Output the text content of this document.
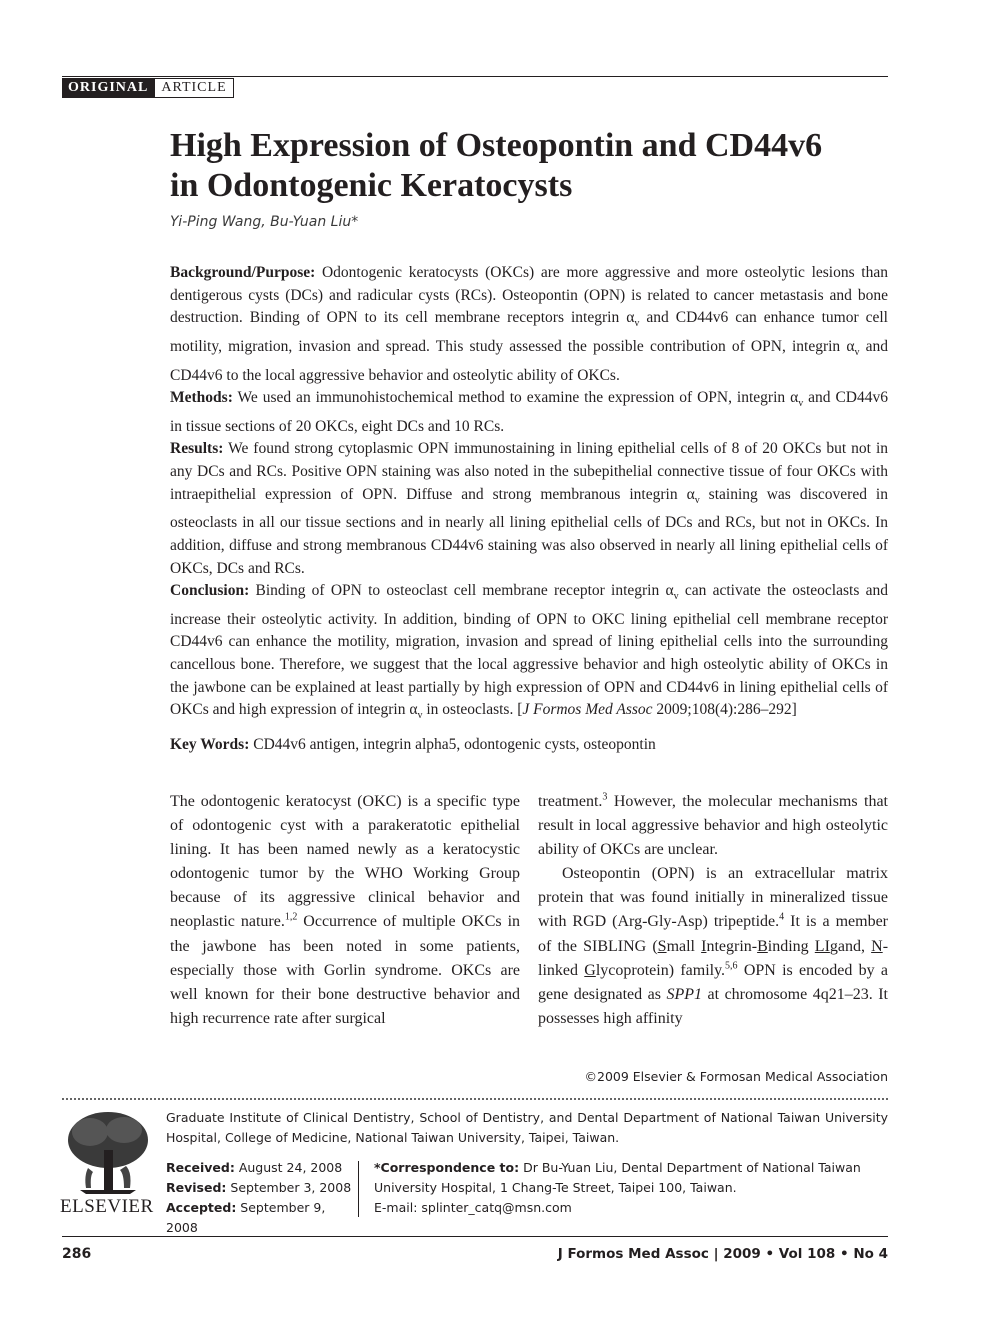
ORIGINAL ARTICLE
High Expression of Osteopontin and CD44v6
in Odontogenic Keratocysts
Yi-Ping Wang, Bu-Yuan Liu*

Background/Purpose: Odontogenic keratocysts (OKCs) are more aggressive and more osteolytic lesions than dentigerous cysts (DCs) and radicular cysts (RCs). Osteopontin (OPN) is related to cancer metastasis and bone destruction. Binding of OPN to its cell membrane receptors integrin $\alpha_v$ and CD44v6 can enhance tumor cell motility, migration, invasion and spread. This study assessed the possible contribution of OPN, integrin $\alpha_v$ and CD44v6 to the local aggressive behavior and osteolytic ability of OKCs.

Methods: We used an immunohistochemical method to examine the expression of OPN, integrin $\alpha_v$ and CD44v6 in tissue sections of 20 OKCs, eight DCs and 10 RCs.

Results: We found strong cytoplasmic OPN immunostaining in lining epithelial cells of 8 of 20 OKCs but not in any DCs and RCs. Positive OPN staining was also noted in the subepithelial connective tissue of four OKCs with intraepithelial expression of OPN. Diffuse and strong membranous integrin $\alpha_v$ staining was discovered in osteoclasts in all our tissue sections and in nearly all lining epithelial cells of DCs and RCs, but not in OKCs. In addition, diffuse and strong membranous CD44v6 staining was also observed in nearly all lining epithelial cells of OKCs, DCs and RCs.

Conclusion: Binding of OPN to osteoclast cell membrane receptor integrin $\alpha_v$ can activate the osteoclasts and increase their osteolytic activity. In addition, binding of OPN to OKC lining epithelial cell membrane receptor CD44v6 can enhance the motility, migration, invasion and spread of lining epithelial cells into the surrounding cancellous bone. Therefore, we suggest that the local aggressive behavior and high osteolytic ability of OKCs in the jawbone can be explained at least partially by high expression of OPN and CD44v6 in lining epithelial cells of OKCs and high expression of integrin $\alpha_v$ in osteoclasts. [J Formos Med Assoc 2009;108(4):286–292]

Key Words: CD44v6 antigen, integrin alpha5, odontogenic cysts, osteopontin

The odontogenic keratocyst (OKC) is a specific type of odontogenic cyst with a parakeratotic epithelial lining. It has been named newly as a keratocystic odontogenic tumor by the WHO Working Group because of its aggressive clinical behavior and neoplastic nature.$^{1,2}$ Occurrence of multiple OKCs in the jawbone has been noted in some patients, especially those with Gorlin syndrome. OKCs are well known for their bone destructive behavior and high recurrence rate after surgical

treatment.$^3$ However, the molecular mechanisms that result in local aggressive behavior and high osteolytic ability of OKCs are unclear.

Osteopontin (OPN) is an extracellular matrix protein that was found initially in mineralized tissue with RGD (Arg-Gly-Asp) tripeptide.$^4$ It is a member of the SIBLING (Small Integrin-Binding LIgand, N-linked Glycoprotein) family.$^{5,6}$ OPN is encoded by a gene designated as SPP1 at chromosome 4q21–23. It possesses high affinity

©2009 Elsevier & Formosan Medical Association
ELSEVIER
Graduate Institute of Clinical Dentistry, School of Dentistry, and Dental Department of National Taiwan University Hospital, College of Medicine, National Taiwan University, Taipei, Taiwan.
Received: August 24, 2008
Revised: September 3, 2008
Accepted: September 9, 2008
*Correspondence to: Dr Bu-Yuan Liu, Dental Department of National Taiwan University Hospital, 1 Chang-Te Street, Taipei 100, Taiwan.
E-mail: splinter_catq@msn.com
286	J Formos Med Assoc | 2009 • Vol 108 • No 4
